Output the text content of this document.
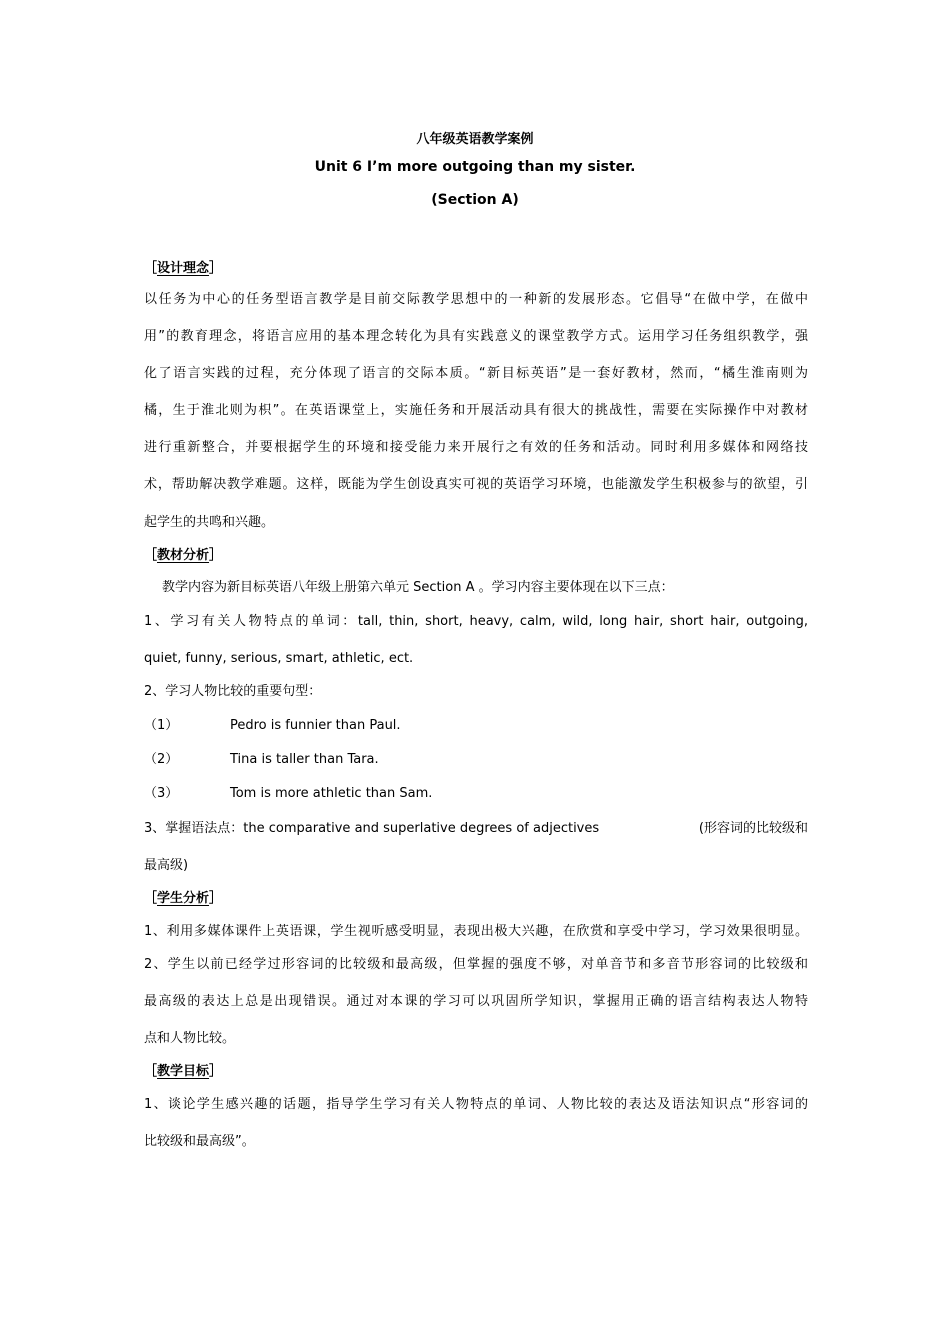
八年级英语教学案例
Unit 6 I’m more outgoing than my sister.
(Section A)
［设计理念］
以任务为中心的任务型语言教学是目前交际教学思想中的一种新的发展形态。它倡导“在做中学，在做中
用”的教育理念，将语言应用的基本理念转化为具有实践意义的课堂教学方式。运用学习任务组织教学，强
化了语言实践的过程，充分体现了语言的交际本质。“新目标英语”是一套好教材，然而，“橘生淮南则为
橘，生于淮北则为枳”。在英语课堂上，实施任务和开展活动具有很大的挑战性，需要在实际操作中对教材
进行重新整合，并要根据学生的环境和接受能力来开展行之有效的任务和活动。同时利用多媒体和网络技
术，帮助解决教学难题。这样，既能为学生创设真实可视的英语学习环境，也能激发学生积极参与的欲望，引
起学生的共鸣和兴趣。
［教材分析］
教学内容为新目标英语八年级上册第六单元 Section A 。学习内容主要体现在以下三点：
1、学习有关人物特点的单词：tall, thin, short, heavy, calm, wild, long hair, short hair, outgoing,
quiet, funny, serious, smart, athletic, ect.
2、学习人物比较的重要句型：
（1）	Pedro is funnier than Paul.
（2）	Tina is taller than Tara.
（3）	Tom is more athletic than Sam.
3、掌握语法点：the comparative and superlative degrees of adjectives	(形容词的比较级和
最高级)
［学生分析］
1、利用多媒体课件上英语课，学生视听感受明显，表现出极大兴趣，在欣赏和享受中学习，学习效果很明显。
2、学生以前已经学过形容词的比较级和最高级，但掌握的强度不够，对单音节和多音节形容词的比较级和
最高级的表达上总是出现错误。通过对本课的学习可以巩固所学知识，掌握用正确的语言结构表达人物特
点和人物比较。
［教学目标］
1、谈论学生感兴趣的话题，指导学生学习有关人物特点的单词、人物比较的表达及语法知识点“形容词的
比较级和最高级”。
